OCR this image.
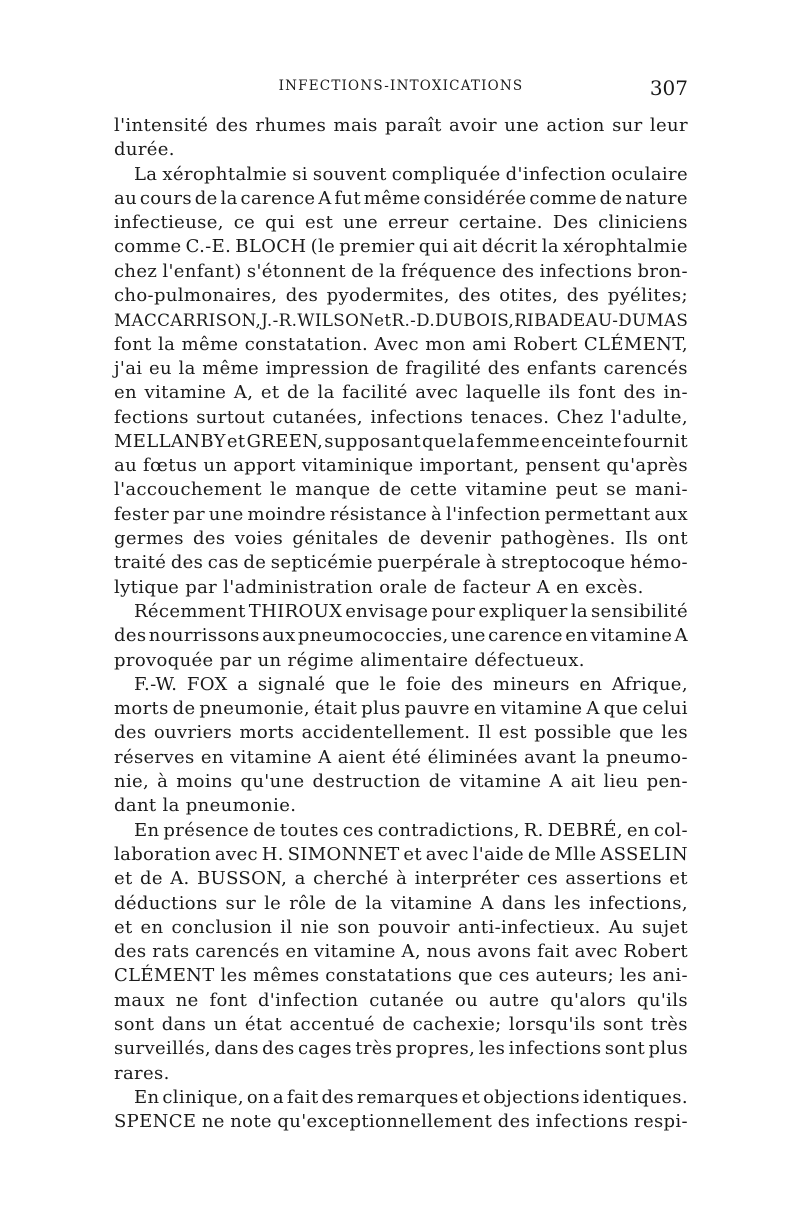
INFECTIONS-INTOXICATIONS	307
l'intensité des rhumes mais paraît avoir une action sur leur
durée.
La xérophtalmie si souvent compliquée d'infection oculaire
au cours de la carence A fut même considérée comme de nature
infectieuse, ce qui est une erreur certaine. Des cliniciens
comme C.-E. BLOCH (le premier qui ait décrit la xérophtalmie
chez l'enfant) s'étonnent de la fréquence des infections bron-
cho-pulmonaires, des pyodermites, des otites, des pyélites;
MAC CARRISON, J.-R. WILSON et R.-D. DUBOIS, RIBADEAU-DUMAS
font la même constatation. Avec mon ami Robert CLÉMENT,
j'ai eu la même impression de fragilité des enfants carencés
en vitamine A, et de la facilité avec laquelle ils font des in-
fections surtout cutanées, infections tenaces. Chez l'adulte,
MELLANBY et GREEN, supposant que la femme enceinte fournit
au fœtus un apport vitaminique important, pensent qu'après
l'accouchement le manque de cette vitamine peut se mani-
fester par une moindre résistance à l'infection permettant aux
germes des voies génitales de devenir pathogènes. Ils ont
traité des cas de septicémie puerpérale à streptocoque hémo-
lytique par l'administration orale de facteur A en excès.
Récemment THIROUX envisage pour expliquer la sensibilité
des nourrissons aux pneumococcies, une carence en vitamine A
provoquée par un régime alimentaire défectueux.
F.-W. FOX a signalé que le foie des mineurs en Afrique,
morts de pneumonie, était plus pauvre en vitamine A que celui
des ouvriers morts accidentellement. Il est possible que les
réserves en vitamine A aient été éliminées avant la pneumo-
nie, à moins qu'une destruction de vitamine A ait lieu pen-
dant la pneumonie.
En présence de toutes ces contradictions, R. DEBRÉ, en col-
laboration avec H. SIMONNET et avec l'aide de Mlle ASSELIN
et de A. BUSSON, a cherché à interpréter ces assertions et
déductions sur le rôle de la vitamine A dans les infections,
et en conclusion il nie son pouvoir anti-infectieux. Au sujet
des rats carencés en vitamine A, nous avons fait avec Robert
CLÉMENT les mêmes constatations que ces auteurs; les ani-
maux ne font d'infection cutanée ou autre qu'alors qu'ils
sont dans un état accentué de cachexie; lorsqu'ils sont très
surveillés, dans des cages très propres, les infections sont plus
rares.
En clinique, on a fait des remarques et objections identiques.
SPENCE ne note qu'exceptionnellement des infections respi-
